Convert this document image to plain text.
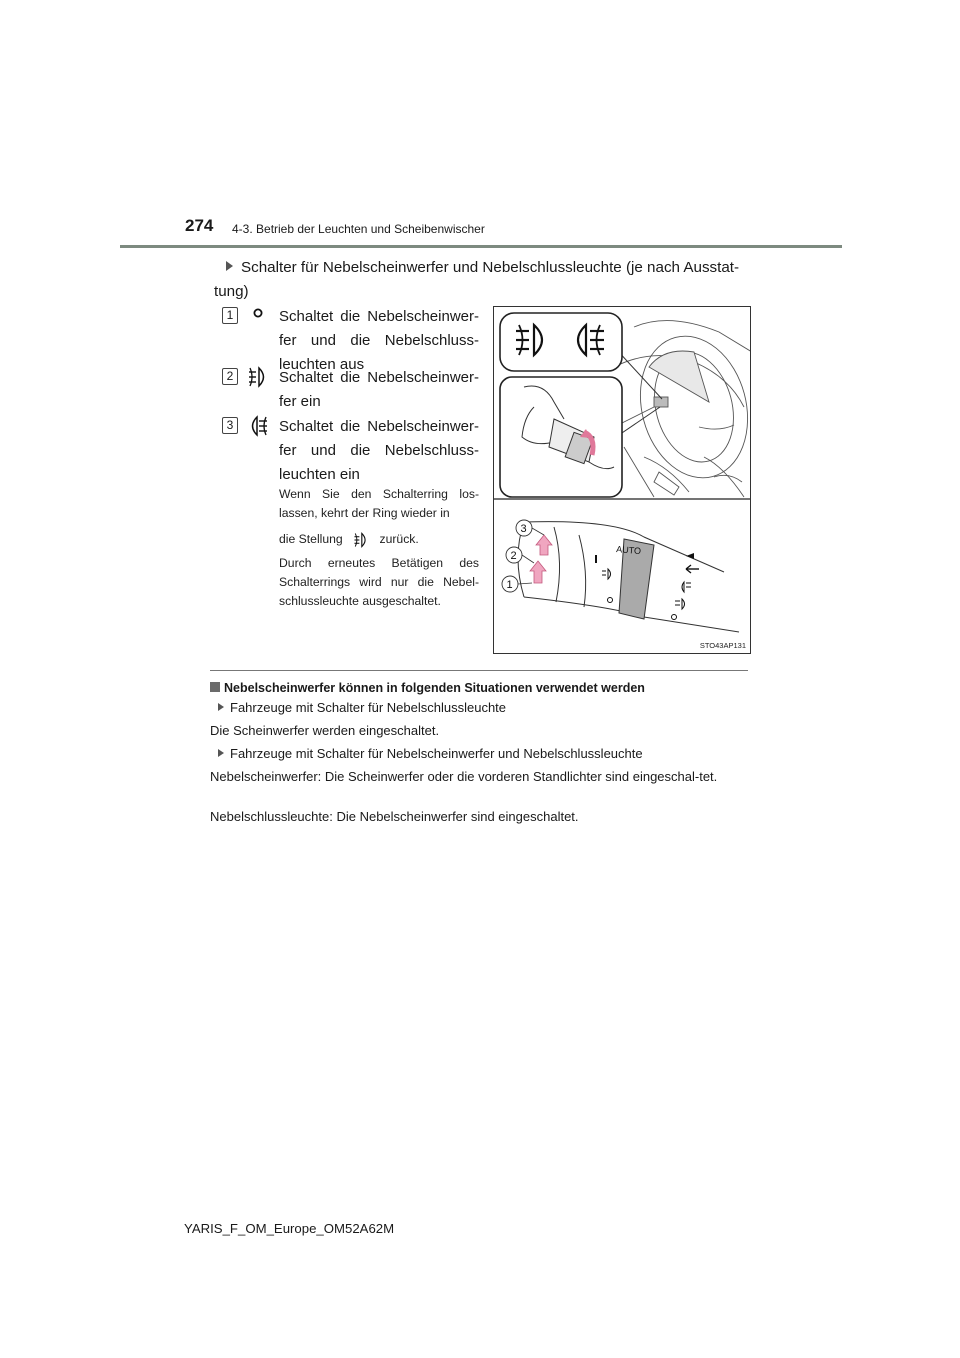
274 4-3. Betrieb der Leuchten und Scheibenwischer
Schalter für Nebelscheinwerfer und Nebelschlussleuchte (je nach Ausstat-tung)
1	Schaltet die Nebelscheinwer-fer und die Nebelschluss-leuchten aus
2	Schaltet die Nebelscheinwer-fer ein
3	Schaltet die Nebelscheinwer-fer und die Nebelschluss-leuchten ein
Wenn Sie den Schalterring los-lassen, kehrt der Ring wieder in
die Stellung	zurück.
Durch erneutes Betätigen des Schalterrings wird nur die Nebel-schlussleuchte ausgeschaltet.
AUTO
3
2
1
STO43AP131
Nebelscheinwerfer können in folgenden Situationen verwendet werden
Fahrzeuge mit Schalter für Nebelschlussleuchte
Die Scheinwerfer werden eingeschaltet.
Fahrzeuge mit Schalter für Nebelscheinwerfer und Nebelschlussleuchte
Nebelscheinwerfer: Die Scheinwerfer oder die vorderen Standlichter sind eingeschal-tet.
Nebelschlussleuchte: Die Nebelscheinwerfer sind eingeschaltet.
YARIS_F_OM_Europe_OM52A62M
